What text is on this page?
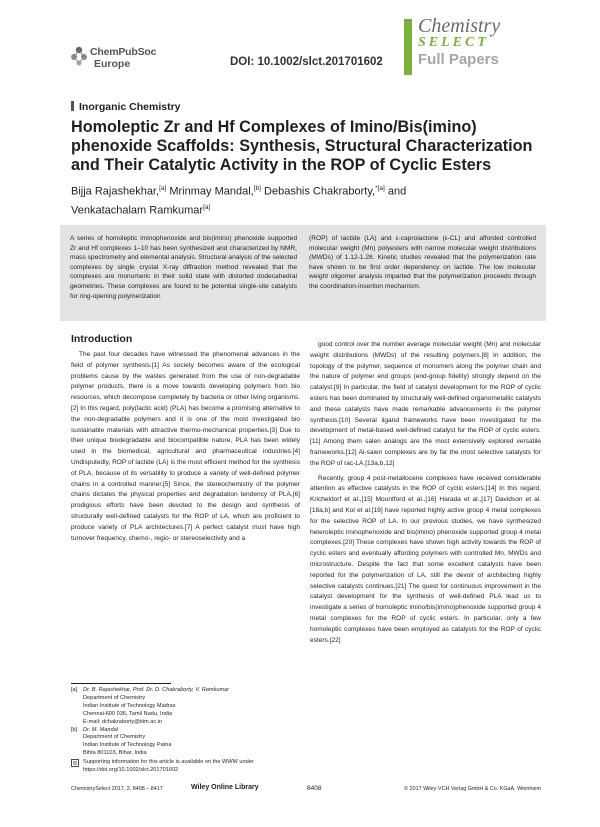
ChemPubSoc
Europe	DOI: 10.1002/slct.201701602
Chemistry
SELECT
Full Papers
Inorganic Chemistry
Homoleptic Zr and Hf Complexes of Imino/Bis(imino) phenoxide Scaffolds: Synthesis, Structural Characterization and Their Catalytic Activity in the ROP of Cyclic Esters
Bijja Rajashekhar,[a] Mrinmay Mandal,[b] Debashis Chakraborty,$^{*[a]}$ and
Venkatachalam Ramkumar[a]
A series of homoleptic iminophenoxide and bis(imino) phenoxide supported Zr and Hf complexes 1–10 has been synthesized and characterized by NMR, mass spectrometry and elemental analysis. Structural analysis of the selected complexes by single crystal X-ray diffraction method revealed that the complexes are monomeric in their solid state with distorted dodecahedral geometries. These complexes are found to be potential single-site catalysts for ring-opening polymerization
(ROP) of lactide (LA) and ε-caprolactone (ε-CL) and afforded controlled molecular weight (Mn) polyesters with narrow molecular weight distributions (MWDs) of 1.12-1.28. Kinetic studies revealed that the polymerization rate have shown to be first order dependency on lactide. The low molecular weight oligomer analysis imparted that the polymerization proceeds through the coordination-insertion mechanism.
Introduction
The past four decades have witnessed the phenomenal advances in the field of polymer synthesis.[1] As society becomes aware of the ecological problems cause by the wastes generated from the use of non-degradable polymer products, there is a move towards developing polymers from bio resources, which decompose completely by bacteria or other living organisms.[2] In this regard, poly(lactic acid) (PLA) has become a promising alternative to the non-degradable polymers and it is one of the most investigated bio sustainable materials with attractive thermo-mechanical properties.[3] Due to their unique biodegradable and biocompatible nature, PLA has been widely used in the biomedical, agricultural and pharmaceutical industries.[4] Undisputedly, ROP of lactide (LA) is the most efficient method for the synthesis of PLA, because of its versatility to produce a variety of well-defined polymer chains in a controlled manner.[5] Since, the stereochemistry of the polymer chains dictates the physical properties and degradation tendency of PLA,[6] prodigious efforts have been devoted to the design and synthesis of structurally well-defined catalysts for the ROP of LA, which are proficient to produce variety of PLA architectures.[7] A perfect catalyst must have high turnover frequency, chemo-, regio- or stereoselectivity and a

good control over the number average molecular weight (Mn) and molecular weight distributions (MWDs) of the resulting polymers.[8] In addition, the topology of the polymer, sequence of monomers along the polymer chain and the nature of polymer end groups (end-group fidelity) strongly depend on the catalyst.[9] In particular, the field of catalyst development for the ROP of cyclic esters has been dominated by structurally well-defined organometallic catalysts and these catalysts have made remarkable advancements in the polymer synthesis.[10] Several ligand frameworks have been investigated for the development of metal-based well-defined catalyst for the ROP of cyclic esters.[11] Among them salen analogs are the most extensively explored versatile frameworks.[12] Al-salen complexes are by far the most selective catalysts for the ROP of rac-LA.[13a,b,12]

Recently, group 4 post-metallocene complexes have received considerable attention as effective catalysts in the ROP of cyclic esters.[14] In this regard, Kricheldorf et al.,[15] Mountford et al.,[16] Harada et al.,[17] Davidson et al.[18a,b] and Kol et al.[19] have reported highly active group 4 metal complexes for the selective ROP of LA. In our previous studies, we have synthesized heteroleptic iminophenoxide and bis(imino) phenoxide supported group 4 metal complexes.[20] These complexes have shown high activity towards the ROP of cyclic esters and eventually affording polymers with controlled Mn, MWDs and microstructure. Despite the fact that some excellent catalysts have been reported for the polymerization of LA, still the devoir of architecting highly selective catalysts continues.[21] The quest for continuous improvement in the catalyst development for the synthesis of well-defined PLA lead us to investigate a series of homoleptic imino/bis(imino)phenoxide supported group 4 metal complexes for the ROP of cyclic esters. In particular, only a few homoleptic complexes have been employed as catalysts for the ROP of cyclic esters.[22]

[a]	Dr. B. Rajashekhar, Prof. Dr. D. Chakraborty, V. Ramkumar
Department of Chemistry
Indian Institute of Technology Madras
Chennai-600 036, Tamil Nadu, India
E-mail: dchakraborty@iitm.ac.in
[b]	Dr. M. Mandal
Department of Chemistry
Indian Institute of Technology Patna
Bihta 801103, Bihar, India
Supporting information for this article is available on the WWW under https://doi.org/10.1002/slct.201701602
ChemistrySelect 2017, 2, 8408 – 8417	Wiley Online Library	8408	© 2017 Wiley-VCH Verlag GmbH & Co. KGaA, Weinheim
